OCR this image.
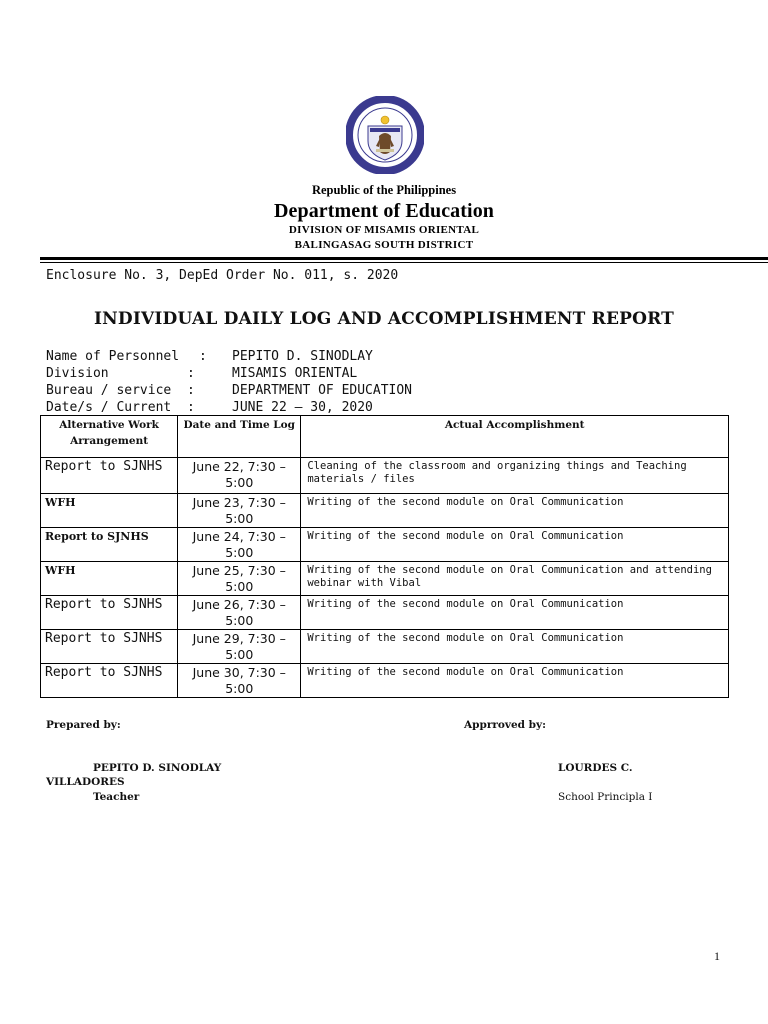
Republic of the Philippines
Department of Education
DIVISION OF MISAMIS ORIENTAL
BALINGASAG SOUTH DISTRICT
Enclosure No. 3, DepEd Order No. 011, s. 2020
INDIVIDUAL DAILY LOG AND ACCOMPLISHMENT REPORT
Name of Personnel : PEPITO D. SINODLAY
Division	:	MISAMIS ORIENTAL
Bureau / service :	DEPARTMENT OF EDUCATION
Date/s / Current :	JUNE 22 – 30, 2020
Alternative Work Arrangement	Date and Time Log	Actual Accomplishment
Report to SJNHS	June 22, 7:30 – 5:00	Cleaning of the classroom and organizing things and Teaching materials / files
WFH	June 23, 7:30 – 5:00	Writing of the second module on Oral Communication
Report to SJNHS	June 24, 7:30 – 5:00	Writing of the second module on Oral Communication
WFH	June 25, 7:30 – 5:00	Writing of the second module on Oral Communication and attending webinar with Vibal
Report to SJNHS	June 26, 7:30 – 5:00	Writing of the second module on Oral Communication
Report to SJNHS	June 29, 7:30 – 5:00	Writing of the second module on Oral Communication
Report to SJNHS	June 30, 7:30 – 5:00	Writing of the second module on Oral Communication
Prepared by:	Apprroved by:
PEPITO D. SINODLAY
VILLADORES
Teacher
LOURDES C.
School Principla I
1
